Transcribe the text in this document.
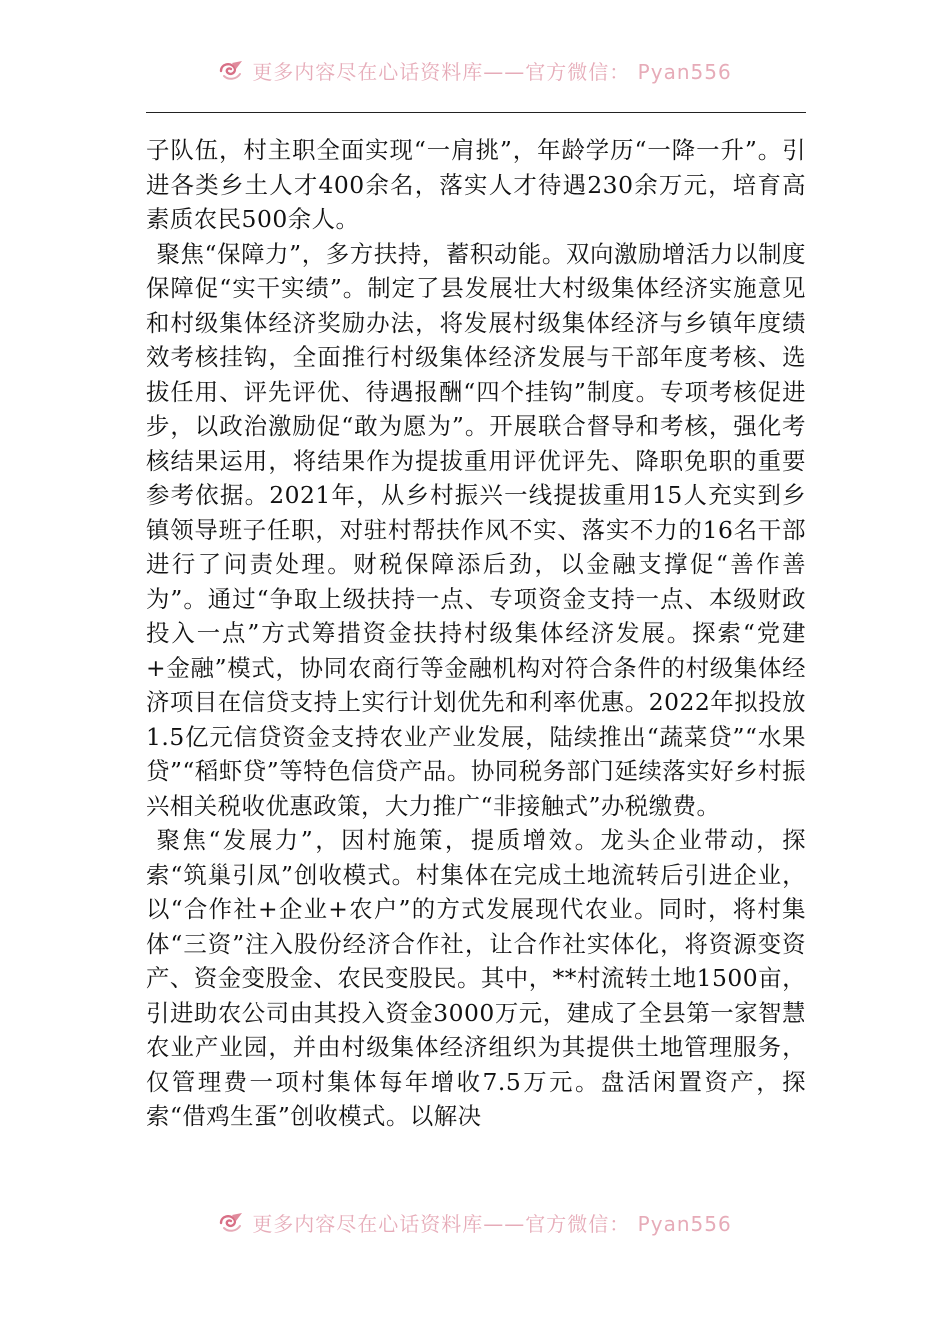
更多内容尽在心话资料库——官方微信： Pyan556

子队伍，村主职全面实现“一肩挑”，年龄学历“一降一升”。引进各类乡土人才400余名，落实人才待遇230余万元，培育高素质农民500余人。

聚焦“保障力”，多方扶持，蓄积动能。双向激励增活力以制度保障促“实干实绩”。制定了县发展壮大村级集体经济实施意见和村级集体经济奖励办法，将发展村级集体经济与乡镇年度绩效考核挂钩，全面推行村级集体经济发展与干部年度考核、选拔任用、评先评优、待遇报酬“四个挂钩”制度。专项考核促进步，以政治激励促“敢为愿为”。开展联合督导和考核，强化考核结果运用，将结果作为提拔重用评优评先、降职免职的重要参考依据。2021年，从乡村振兴一线提拔重用15人充实到乡镇领导班子任职，对驻村帮扶作风不实、落实不力的16名干部进行了问责处理。财税保障添后劲，以金融支撑促“善作善为”。通过“争取上级扶持一点、专项资金支持一点、本级财政投入一点”方式筹措资金扶持村级集体经济发展。探索“党建+金融”模式，协同农商行等金融机构对符合条件的村级集体经济项目在信贷支持上实行计划优先和利率优惠。2022年拟投放1.5亿元信贷资金支持农业产业发展，陆续推出“蔬菜贷”“水果贷”“稻虾贷”等特色信贷产品。协同税务部门延续落实好乡村振兴相关税收优惠政策，大力推广“非接触式”办税缴费。

聚焦“发展力”，因村施策，提质增效。龙头企业带动，探索“筑巢引凤”创收模式。村集体在完成土地流转后引进企业，以“合作社+企业+农户”的方式发展现代农业。同时，将村集体“三资”注入股份经济合作社，让合作社实体化，将资源变资产、资金变股金、农民变股民。其中，**村流转土地1500亩，引进助农公司由其投入资金3000万元，建成了全县第一家智慧农业产业园，并由村级集体经济组织为其提供土地管理服务，仅管理费一项村集体每年增收7.5万元。盘活闲置资产，探索“借鸡生蛋”创收模式。以解决

更多内容尽在心话资料库——官方微信： Pyan556
